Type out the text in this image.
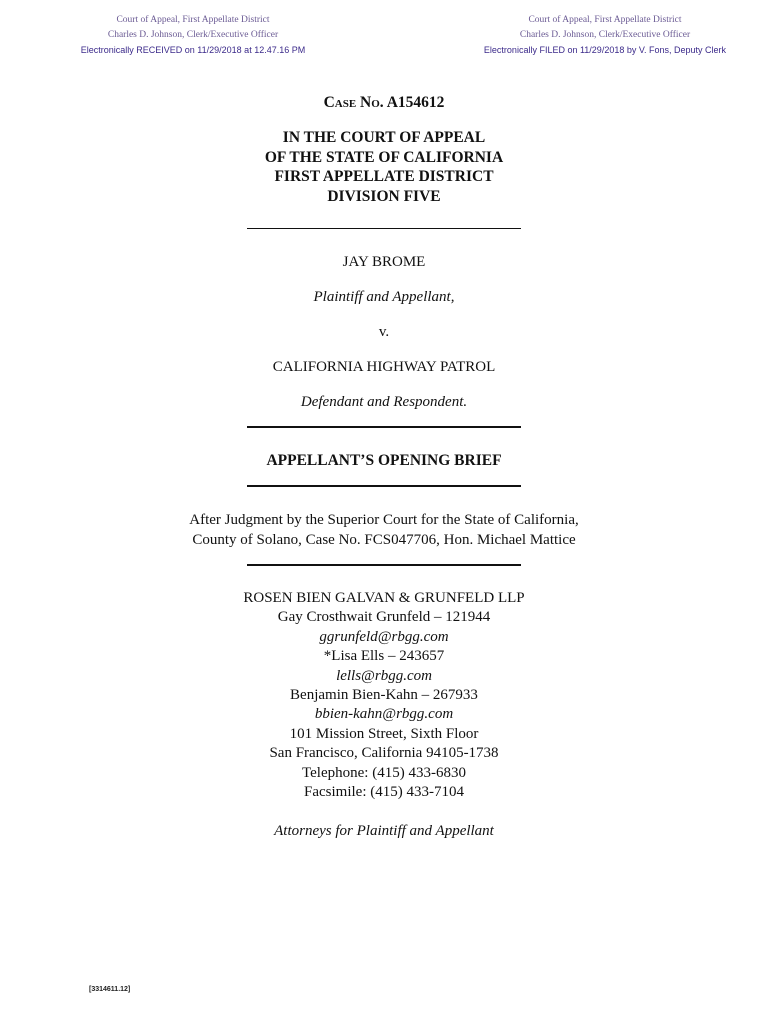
Court of Appeal, First Appellate District
Charles D. Johnson, Clerk/Executive Officer
Electronically RECEIVED on 11/29/2018 at 12.47.16 PM
Court of Appeal, First Appellate District
Charles D. Johnson, Clerk/Executive Officer
Electronically FILED on 11/29/2018 by V. Fons, Deputy Clerk
Case No. A154612
IN THE COURT OF APPEAL
OF THE STATE OF CALIFORNIA
FIRST APPELLATE DISTRICT
DIVISION FIVE
JAY BROME
Plaintiff and Appellant,
v.
CALIFORNIA HIGHWAY PATROL
Defendant and Respondent.
APPELLANT’S OPENING BRIEF
After Judgment by the Superior Court for the State of California,
County of Solano, Case No. FCS047706, Hon. Michael Mattice
ROSEN BIEN GALVAN & GRUNFELD LLP
Gay Crosthwait Grunfeld – 121944
ggrunfeld@rbgg.com
*Lisa Ells – 243657
lells@rbgg.com
Benjamin Bien-Kahn – 267933
bbien-kahn@rbgg.com
101 Mission Street, Sixth Floor
San Francisco, California 94105-1738
Telephone: (415) 433-6830
Facsimile: (415) 433-7104
Attorneys for Plaintiff and Appellant
[3314611.12]
